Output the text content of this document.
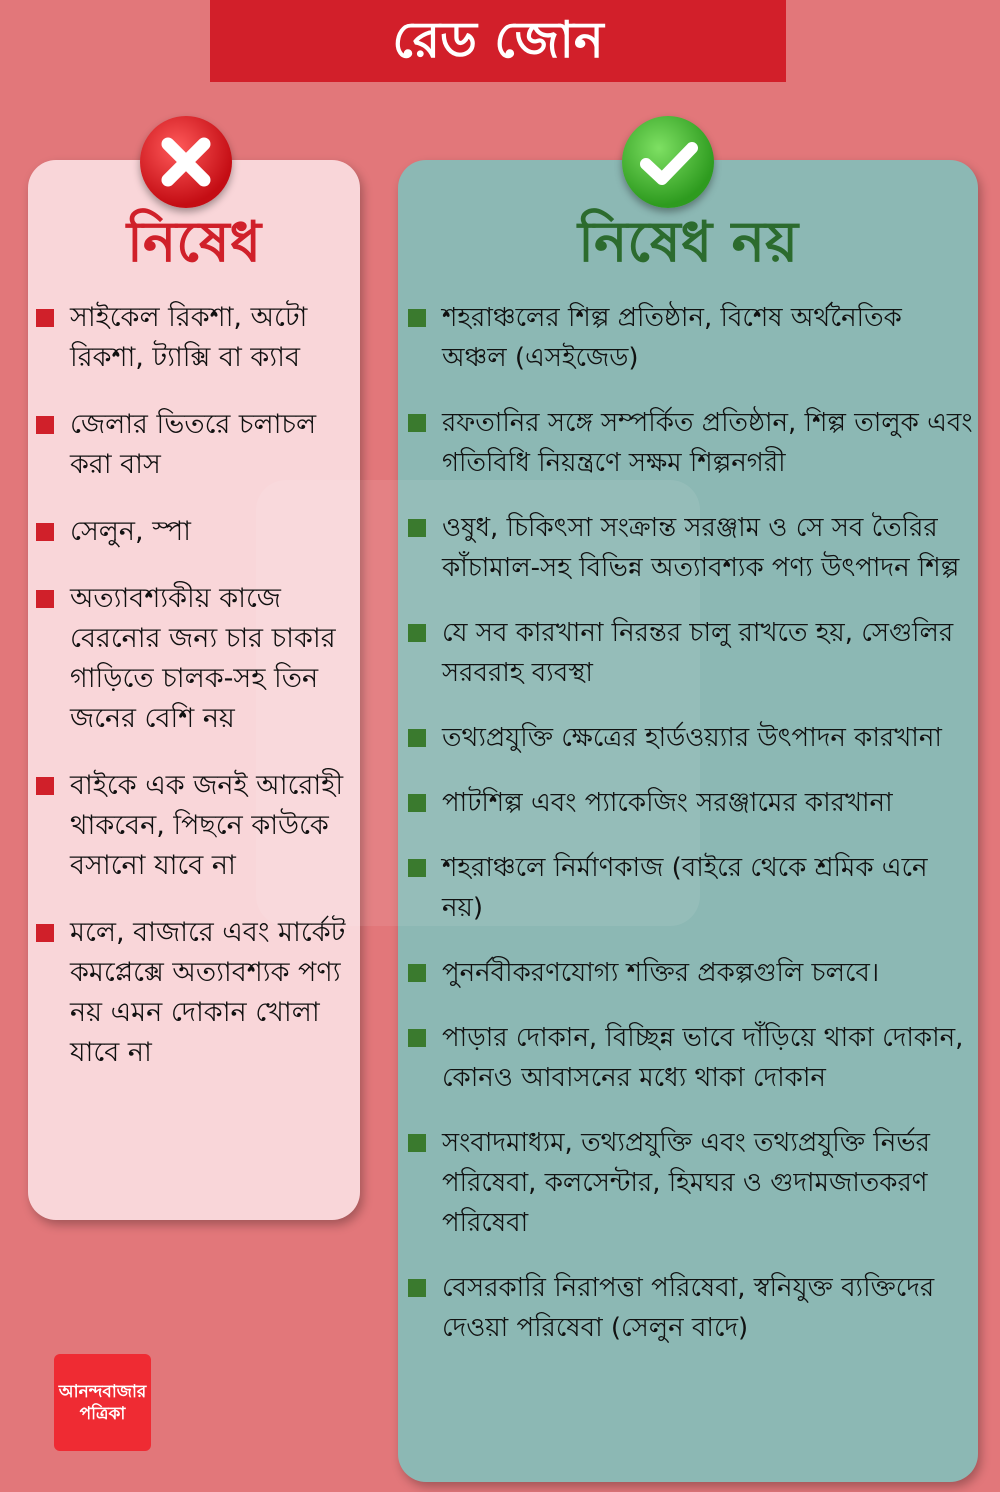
রেড জোন
নিষেধ	নিষেধ নয়
সাইকেল রিকশা, অটো রিকশা, ট্যাক্সি বা ক্যাব
জেলার ভিতরে চলাচল করা বাস
সেলুন, স্পা
অত্যাবশ্যকীয় কাজে বেরনোর জন্য চার চাকার গাড়িতে চালক-সহ তিন জনের বেশি নয়
বাইকে এক জনই আরোহী থাকবেন, পিছনে কাউকে বসানো যাবে না
মলে, বাজারে এবং মার্কেট কমপ্লেক্সে অত্যাবশ্যক পণ্য নয় এমন দোকান খোলা যাবে না
শহরাঞ্চলের শিল্প প্রতিষ্ঠান, বিশেষ অর্থনৈতিক অঞ্চল (এসইজেড)
রফতানির সঙ্গে সম্পর্কিত প্রতিষ্ঠান, শিল্প তালুক এবং গতিবিধি নিয়ন্ত্রণে সক্ষম শিল্পনগরী
ওষুধ, চিকিৎসা সংক্রান্ত সরঞ্জাম ও সে সব তৈরির কাঁচামাল-সহ বিভিন্ন অত্যাবশ্যক পণ্য উৎপাদন শিল্প
যে সব কারখানা নিরন্তর চালু রাখতে হয়, সেগুলির সরবরাহ ব্যবস্থা
তথ্যপ্রযুক্তি ক্ষেত্রের হার্ডওয়্যার উৎপাদন কারখানা
পাটশিল্প এবং প্যাকেজিং সরঞ্জামের কারখানা
শহরাঞ্চলে নির্মাণকাজ (বাইরে থেকে শ্রমিক এনে নয়)
পুনর্নবীকরণযোগ্য শক্তির প্রকল্পগুলি চলবে।
পাড়ার দোকান, বিচ্ছিন্ন ভাবে দাঁড়িয়ে থাকা দোকান, কোনও আবাসনের মধ্যে থাকা দোকান
সংবাদমাধ্যম, তথ্যপ্রযুক্তি এবং তথ্যপ্রযুক্তি নির্ভর পরিষেবা, কলসেন্টার, হিমঘর ও গুদামজাতকরণ পরিষেবা
বেসরকারি নিরাপত্তা পরিষেবা, স্বনিযুক্ত ব্যক্তিদের দেওয়া পরিষেবা (সেলুন বাদে)
আনন্দবাজার
পত্রিকা
